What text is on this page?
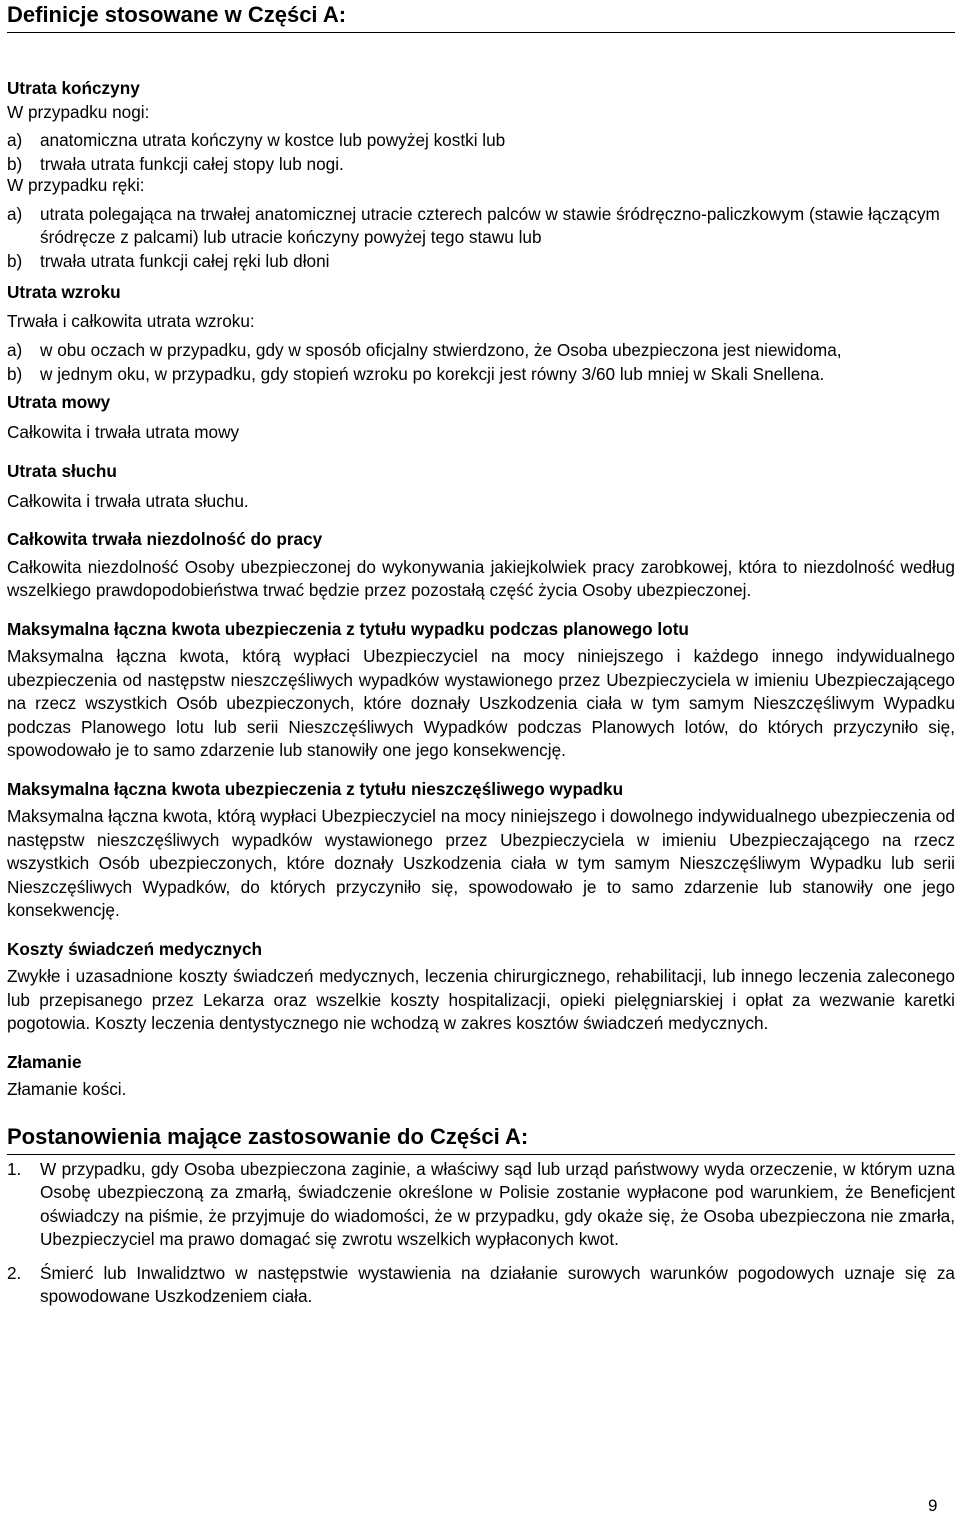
Definicje stosowane w Części A:
Utrata kończyny
W przypadku nogi:
a) anatomiczna utrata kończyny w kostce lub powyżej kostki lub
b) trwała utrata funkcji całej stopy lub nogi.
W przypadku ręki:
a) utrata polegająca na trwałej anatomicznej utracie czterech palców w stawie śródręczno-paliczkowym (stawie łączącym śródręcze z palcami) lub utracie kończyny powyżej tego stawu lub
b) trwała utrata funkcji całej ręki lub dłoni
Utrata wzroku
Trwała i całkowita utrata wzroku:
a) w obu oczach w przypadku, gdy w sposób oficjalny stwierdzono, że Osoba ubezpieczona jest niewidoma,
b) w jednym oku, w przypadku, gdy stopień wzroku po korekcji jest równy 3/60 lub mniej w Skali Snellena.
Utrata mowy
Całkowita i trwała utrata mowy
Utrata słuchu
Całkowita i trwała utrata słuchu.
Całkowita trwała niezdolność do pracy
Całkowita niezdolność Osoby ubezpieczonej do wykonywania jakiejkolwiek pracy zarobkowej, która to niezdolność według wszelkiego prawdopodobieństwa trwać będzie przez pozostałą część życia Osoby ubezpieczonej.
Maksymalna łączna kwota ubezpieczenia z tytułu wypadku podczas planowego lotu
Maksymalna łączna kwota, którą wypłaci Ubezpieczyciel na mocy niniejszego i każdego innego indywidualnego ubezpieczenia od następstw nieszczęśliwych wypadków wystawionego przez Ubezpieczyciela w imieniu Ubezpieczającego na rzecz wszystkich Osób ubezpieczonych, które doznały Uszkodzenia ciała w tym samym Nieszczęśliwym Wypadku podczas Planowego lotu lub serii Nieszczęśliwych Wypadków podczas Planowych lotów, do których przyczyniło się, spowodowało je to samo zdarzenie lub stanowiły one jego konsekwencję.
Maksymalna łączna kwota ubezpieczenia z tytułu nieszczęśliwego wypadku
Maksymalna łączna kwota, którą wypłaci Ubezpieczyciel na mocy niniejszego i dowolnego indywidualnego ubezpieczenia od następstw nieszczęśliwych wypadków wystawionego przez Ubezpieczyciela w imieniu Ubezpieczającego na rzecz wszystkich Osób ubezpieczonych, które doznały Uszkodzenia ciała w tym samym Nieszczęśliwym Wypadku lub serii Nieszczęśliwych Wypadków, do których przyczyniło się, spowodowało je to samo zdarzenie lub stanowiły one jego konsekwencję.
Koszty świadczeń medycznych
Zwykłe i uzasadnione koszty świadczeń medycznych, leczenia chirurgicznego, rehabilitacji, lub innego leczenia zaleconego lub przepisanego przez Lekarza oraz wszelkie koszty hospitalizacji, opieki pielęgniarskiej i opłat za wezwanie karetki pogotowia. Koszty leczenia dentystycznego nie wchodzą w zakres kosztów świadczeń medycznych.
Złamanie
Złamanie kości.
Postanowienia mające zastosowanie do Części A:
1. W przypadku, gdy Osoba ubezpieczona zaginie, a właściwy sąd lub urząd państwowy wyda orzeczenie, w którym uzna Osobę ubezpieczoną za zmarłą, świadczenie określone w Polisie zostanie wypłacone pod warunkiem, że Beneficjent oświadczy na piśmie, że przyjmuje do wiadomości, że w przypadku, gdy okaże się, że Osoba ubezpieczona nie zmarła, Ubezpieczyciel ma prawo domagać się zwrotu wszelkich wypłaconych kwot.
2. Śmierć lub Inwalidztwo w następstwie wystawienia na działanie surowych warunków pogodowych uznaje się za spowodowane Uszkodzeniem ciała.
9
